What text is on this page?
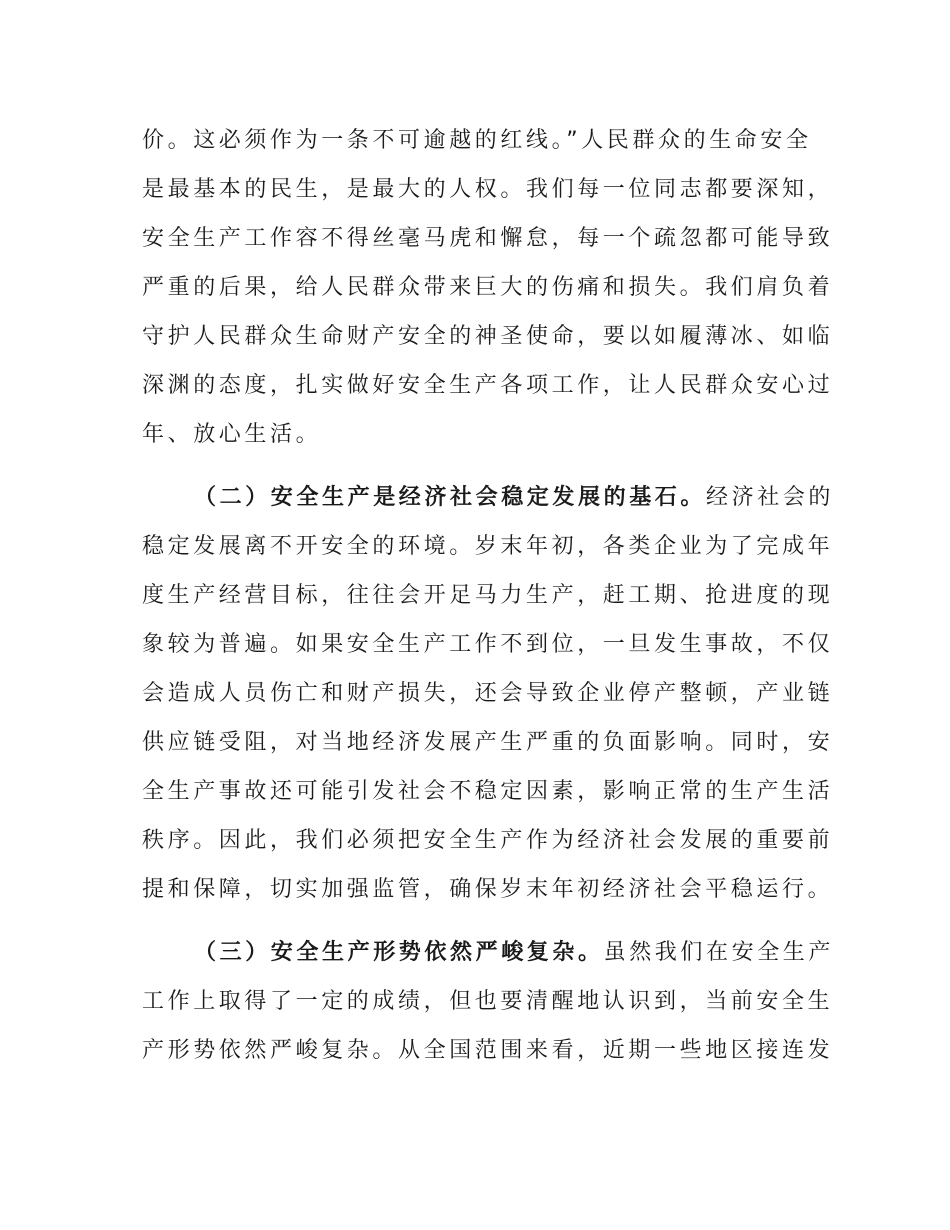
价。这必须作为一条不可逾越的红线。”人民群众的生命安全
是最基本的民生，是最大的人权。我们每一位同志都要深知，
安全生产工作容不得丝毫马虎和懈怠，每一个疏忽都可能导致
严重的后果，给人民群众带来巨大的伤痛和损失。我们肩负着
守护人民群众生命财产安全的神圣使命，要以如履薄冰、如临
深渊的态度，扎实做好安全生产各项工作，让人民群众安心过
年、放心生活。
（二）安全生产是经济社会稳定发展的基石。经济社会的
稳定发展离不开安全的环境。岁末年初，各类企业为了完成年
度生产经营目标，往往会开足马力生产，赶工期、抢进度的现
象较为普遍。如果安全生产工作不到位，一旦发生事故，不仅
会造成人员伤亡和财产损失，还会导致企业停产整顿，产业链
供应链受阻，对当地经济发展产生严重的负面影响。同时，安
全生产事故还可能引发社会不稳定因素，影响正常的生产生活
秩序。因此，我们必须把安全生产作为经济社会发展的重要前
提和保障，切实加强监管，确保岁末年初经济社会平稳运行。
（三）安全生产形势依然严峻复杂。虽然我们在安全生产
工作上取得了一定的成绩，但也要清醒地认识到，当前安全生
产形势依然严峻复杂。从全国范围来看，近期一些地区接连发
